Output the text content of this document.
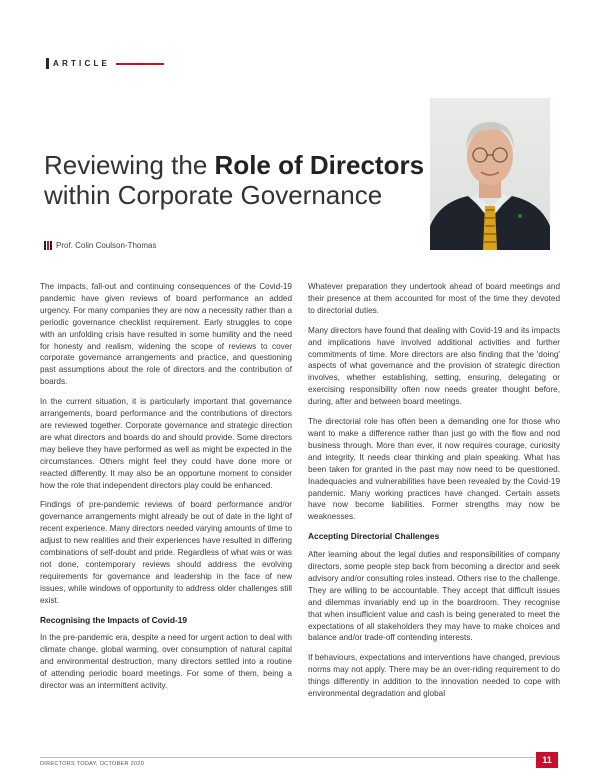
ARTICLE
Reviewing the Role of Directors
within Corporate Governance
Prof. Colin Coulson-Thomas

The impacts, fall-out and continuing consequences of the Covid-19 pandemic have given reviews of board performance an added urgency. For many companies they are now a necessity rather than a periodic governance checklist requirement. Early struggles to cope with an unfolding crisis have resulted in some humility and the need for honesty and realism, widening the scope of reviews to cover corporate governance arrangements and practice, and questioning past assumptions about the role of directors and the contribution of boards.

In the current situation, it is particularly important that governance arrangements, board performance and the contributions of directors are reviewed together. Corporate governance and strategic direction are what directors and boards do and should provide. Some directors may believe they have performed as well as might be expected in the circumstances. Others might feel they could have done more or reacted differently. It may also be an opportune moment to consider how the role that independent directors play could be enhanced.

Findings of pre-pandemic reviews of board performance and/or governance arrangements might already be out of date in the light of recent experience. Many directors needed varying amounts of time to adjust to new realities and their experiences have resulted in differing combinations of self-doubt and pride. Regardless of what was or was not done, contemporary reviews should address the evolving requirements for governance and leadership in the face of new issues, while windows of opportunity to address older challenges still exist.

Recognising the Impacts of Covid-19

In the pre-pandemic era, despite a need for urgent action to deal with climate change, global warming, over consumption of natural capital and environmental destruction, many directors settled into a routine of attending periodic board meetings. For some of them, being a director was an intermittent activity.

Whatever preparation they undertook ahead of board meetings and their presence at them accounted for most of the time they devoted to directorial duties.

Many directors have found that dealing with Covid-19 and its impacts and implications have involved additional activities and further commitments of time. More directors are also finding that the 'doing' aspects of what governance and the provision of strategic direction involves, whether establishing, setting, ensuring, delegating or exercising responsibility often now needs greater thought before, during, after and between board meetings.

The directorial role has often been a demanding one for those who want to make a difference rather than just go with the flow and nod business through. More than ever, it now requires courage, curiosity and integrity. It needs clear thinking and plain speaking. What has been taken for granted in the past may now need to be questioned. Inadequacies and vulnerabilities have been revealed by the Covid-19 pandemic. Many working practices have changed. Certain assets have now become liabilities. Former strengths may now be weaknesses.

Accepting Directorial Challenges

After learning about the legal duties and responsibilities of company directors, some people step back from becoming a director and seek advisory and/or consulting roles instead. Others rise to the challenge. They are willing to be accountable. They accept that difficult issues and dilemmas invariably end up in the boardroom. They recognise that when insufficient value and cash is being generated to meet the expectations of all stakeholders they may have to make choices and balance and/or trade-off contending interests.

If behaviours, expectations and interventions have changed, previous norms may not apply. There may be an over-riding requirement to do things differently in addition to the innovation needed to cope with environmental degradation and global

DIRECTORS TODAY, OCTOBER 2020	11
